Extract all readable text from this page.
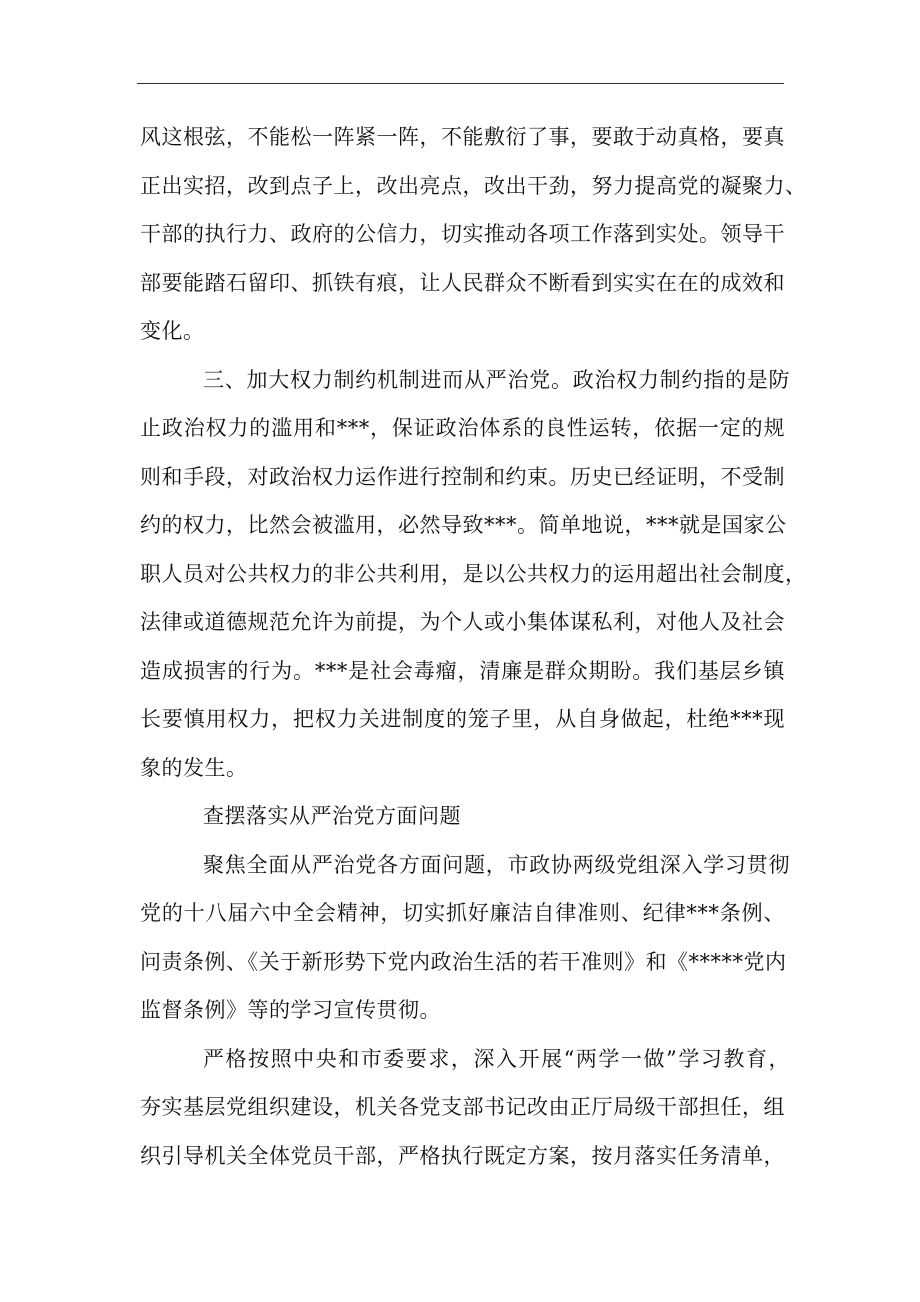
风这根弦，不能松一阵紧一阵，不能敷衍了事，要敢于动真格，要真
正出实招，改到点子上，改出亮点，改出干劲，努力提高党的凝聚力、
干部的执行力、政府的公信力，切实推动各项工作落到实处。领导干
部要能踏石留印、抓铁有痕，让人民群众不断看到实实在在的成效和
变化。
三、加大权力制约机制进而从严治党。政治权力制约指的是防
止政治权力的滥用和***，保证政治体系的良性运转，依据一定的规
则和手段，对政治权力运作进行控制和约束。历史已经证明，不受制
约的权力，比然会被滥用，必然导致***。简单地说，***就是国家公
职人员对公共权力的非公共利用，是以公共权力的运用超出社会制度，
法律或道德规范允许为前提，为个人或小集体谋私利，对他人及社会
造成损害的行为。***是社会毒瘤，清廉是群众期盼。我们基层乡镇
长要慎用权力，把权力关进制度的笼子里，从自身做起，杜绝***现
象的发生。
查摆落实从严治党方面问题
聚焦全面从严治党各方面问题，市政协两级党组深入学习贯彻
党的十八届六中全会精神，切实抓好廉洁自律准则、纪律***条例、
问责条例、《关于新形势下党内政治生活的若干准则》和《*****党内
监督条例》等的学习宣传贯彻。
严格按照中央和市委要求，深入开展“两学一做”学习教育，
夯实基层党组织建设，机关各党支部书记改由正厅局级干部担任，组
织引导机关全体党员干部，严格执行既定方案，按月落实任务清单，
